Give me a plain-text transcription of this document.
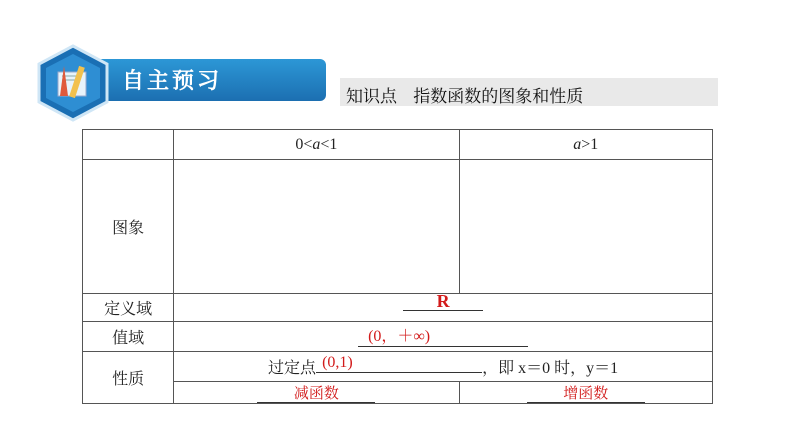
自主预习
知识点 指数函数的图象和性质
	0<a<1	a>1
图象		
定义域	R	
值域	(0，＋∞)	
性质	过定点 (0,1) ，即 x＝0 时，y＝1	
	减函数	增函数
